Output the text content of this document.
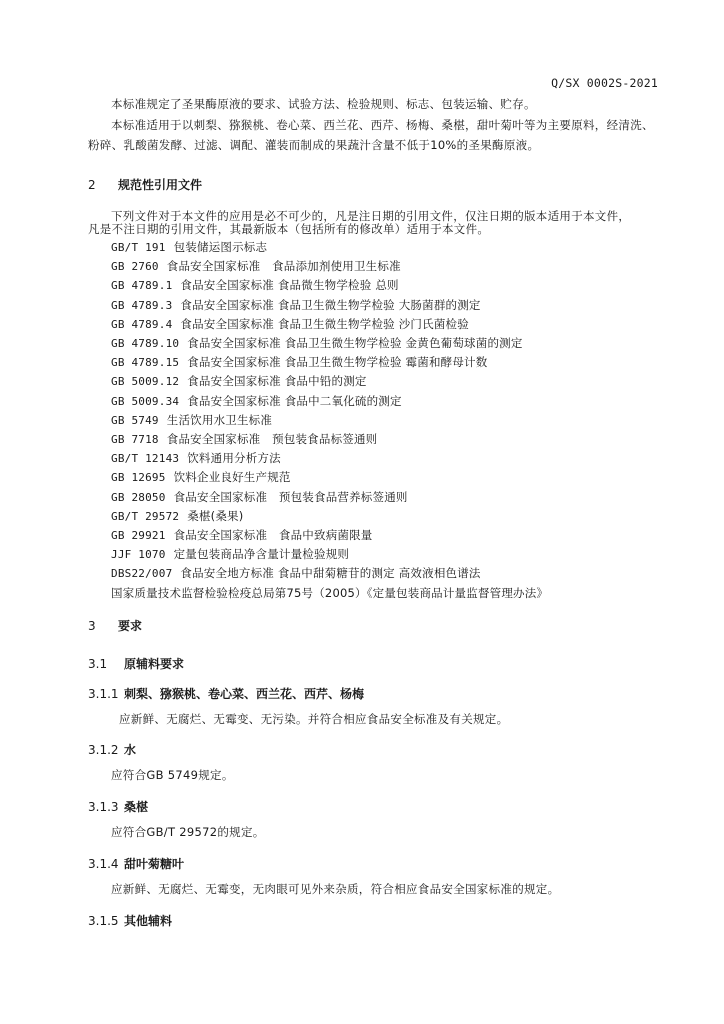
Q/SX 0002S-2021
本标准规定了圣果酶原液的要求、试验方法、检验规则、标志、包装运输、贮存。
本标准适用于以刺梨、猕猴桃、卷心菜、西兰花、西芹、杨梅、桑椹，甜叶菊叶等为主要原料，经清洗、
粉碎、乳酸菌发酵、过滤、调配、灌装而制成的果蔬汁含量不低于10%的圣果酶原液。
2 规范性引用文件
下列文件对于本文件的应用是必不可少的，凡是注日期的引用文件，仅注日期的版本适用于本文件，
凡是不注日期的引用文件，其最新版本（包括所有的修改单）适用于本文件。
GB/T 191 包装储运图示标志
GB 2760 食品安全国家标准　食品添加剂使用卫生标准
GB 4789.1 食品安全国家标准 食品微生物学检验 总则
GB 4789.3 食品安全国家标准 食品卫生微生物学检验 大肠菌群的测定
GB 4789.4 食品安全国家标准 食品卫生微生物学检验 沙门氏菌检验
GB 4789.10 食品安全国家标准 食品卫生微生物学检验 金黄色葡萄球菌的测定
GB 4789.15 食品安全国家标准 食品卫生微生物学检验 霉菌和酵母计数
GB 5009.12 食品安全国家标准 食品中铅的测定
GB 5009.34 食品安全国家标准 食品中二氧化硫的测定
GB 5749 生活饮用水卫生标准
GB 7718 食品安全国家标准　预包装食品标签通则
GB/T 12143 饮料通用分析方法
GB 12695 饮料企业良好生产规范
GB 28050 食品安全国家标准　预包装食品营养标签通则
GB/T 29572 桑椹(桑果)
GB 29921 食品安全国家标准　食品中致病菌限量
JJF 1070 定量包装商品净含量计量检验规则
DBS22/007 食品安全地方标准 食品中甜菊糖苷的测定 高效液相色谱法
国家质量技术监督检验检疫总局第75号（2005）《定量包装商品计量监督管理办法》
3 要求
3.1 原辅料要求
3.1.1 刺梨、猕猴桃、卷心菜、西兰花、西芹、杨梅
应新鲜、无腐烂、无霉变、无污染。并符合相应食品安全标准及有关规定。
3.1.2 水
应符合GB 5749规定。
3.1.3 桑椹
应符合GB/T 29572的规定。
3.1.4 甜叶菊糖叶
应新鲜、无腐烂、无霉变，无肉眼可见外来杂质，符合相应食品安全国家标准的规定。
3.1.5 其他辅料
